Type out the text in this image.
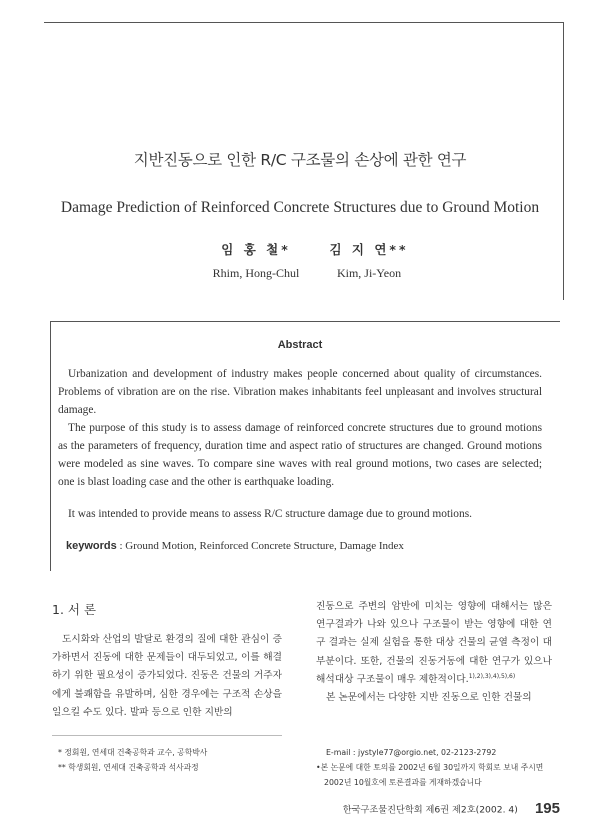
지반진동으로 인한 R/C 구조물의 손상에 관한 연구
Damage Prediction of Reinforced Concrete Structures due to Ground Motion
임 홍 철*
Rhim, Hong-Chul
김 지 연**
Kim, Ji-Yeon
Abstract

Urbanization and development of industry makes people concerned about quality of circumstances. Problems of vibration are on the rise. Vibration makes inhabitants feel unpleasant and involves structural damage.

The purpose of this study is to assess damage of reinforced concrete structures due to ground motions as the parameters of frequency, duration time and aspect ratio of structures are changed. Ground motions were modeled as sine waves. To compare sine waves with real ground motions, two cases are selected; one is blast loading case and the other is earthquake loading.

It was intended to provide means to assess R/C structure damage due to ground motions.

keywords : Ground Motion, Reinforced Concrete Structure, Damage Index
1. 서 론

도시화와 산업의 발달로 환경의 질에 대한 관심이 증가하면서 진동에 대한 문제들이 대두되었고, 이를 해결하기 위한 필요성이 증가되었다. 진동은 건물의 거주자에게 불쾌함을 유발하며, 심한 경우에는 구조적 손상을 일으킬 수도 있다. 발파 등으로 인한 지반의

진동으로 주변의 암반에 미치는 영향에 대해서는 많은 연구결과가 나와 있으나 구조물이 받는 영향에 대한 연구 결과는 실제 실험을 통한 대상 건물의 균열 측정이 대부분이다. 또한, 건물의 진동거동에 대한 연구가 있으나 해석대상 구조물이 매우 제한적이다.$^{1),2),3),4),5),6)}$

본 논문에서는 다양한 지반 진동으로 인한 건물의

* 정회원, 연세대 건축공학과 교수, 공학박사
** 학생회원, 연세대 건축공학과 석사과정
E-mail : jystyle77@orgio.net, 02-2123-2792
•본 논문에 대한 토의를 2002년 6월 30일까지 학회로 보내 주시면 2002년 10월호에 토론결과를 게재하겠습니다
한국구조물진단학회 제6권 제2호(2002. 4) 195
